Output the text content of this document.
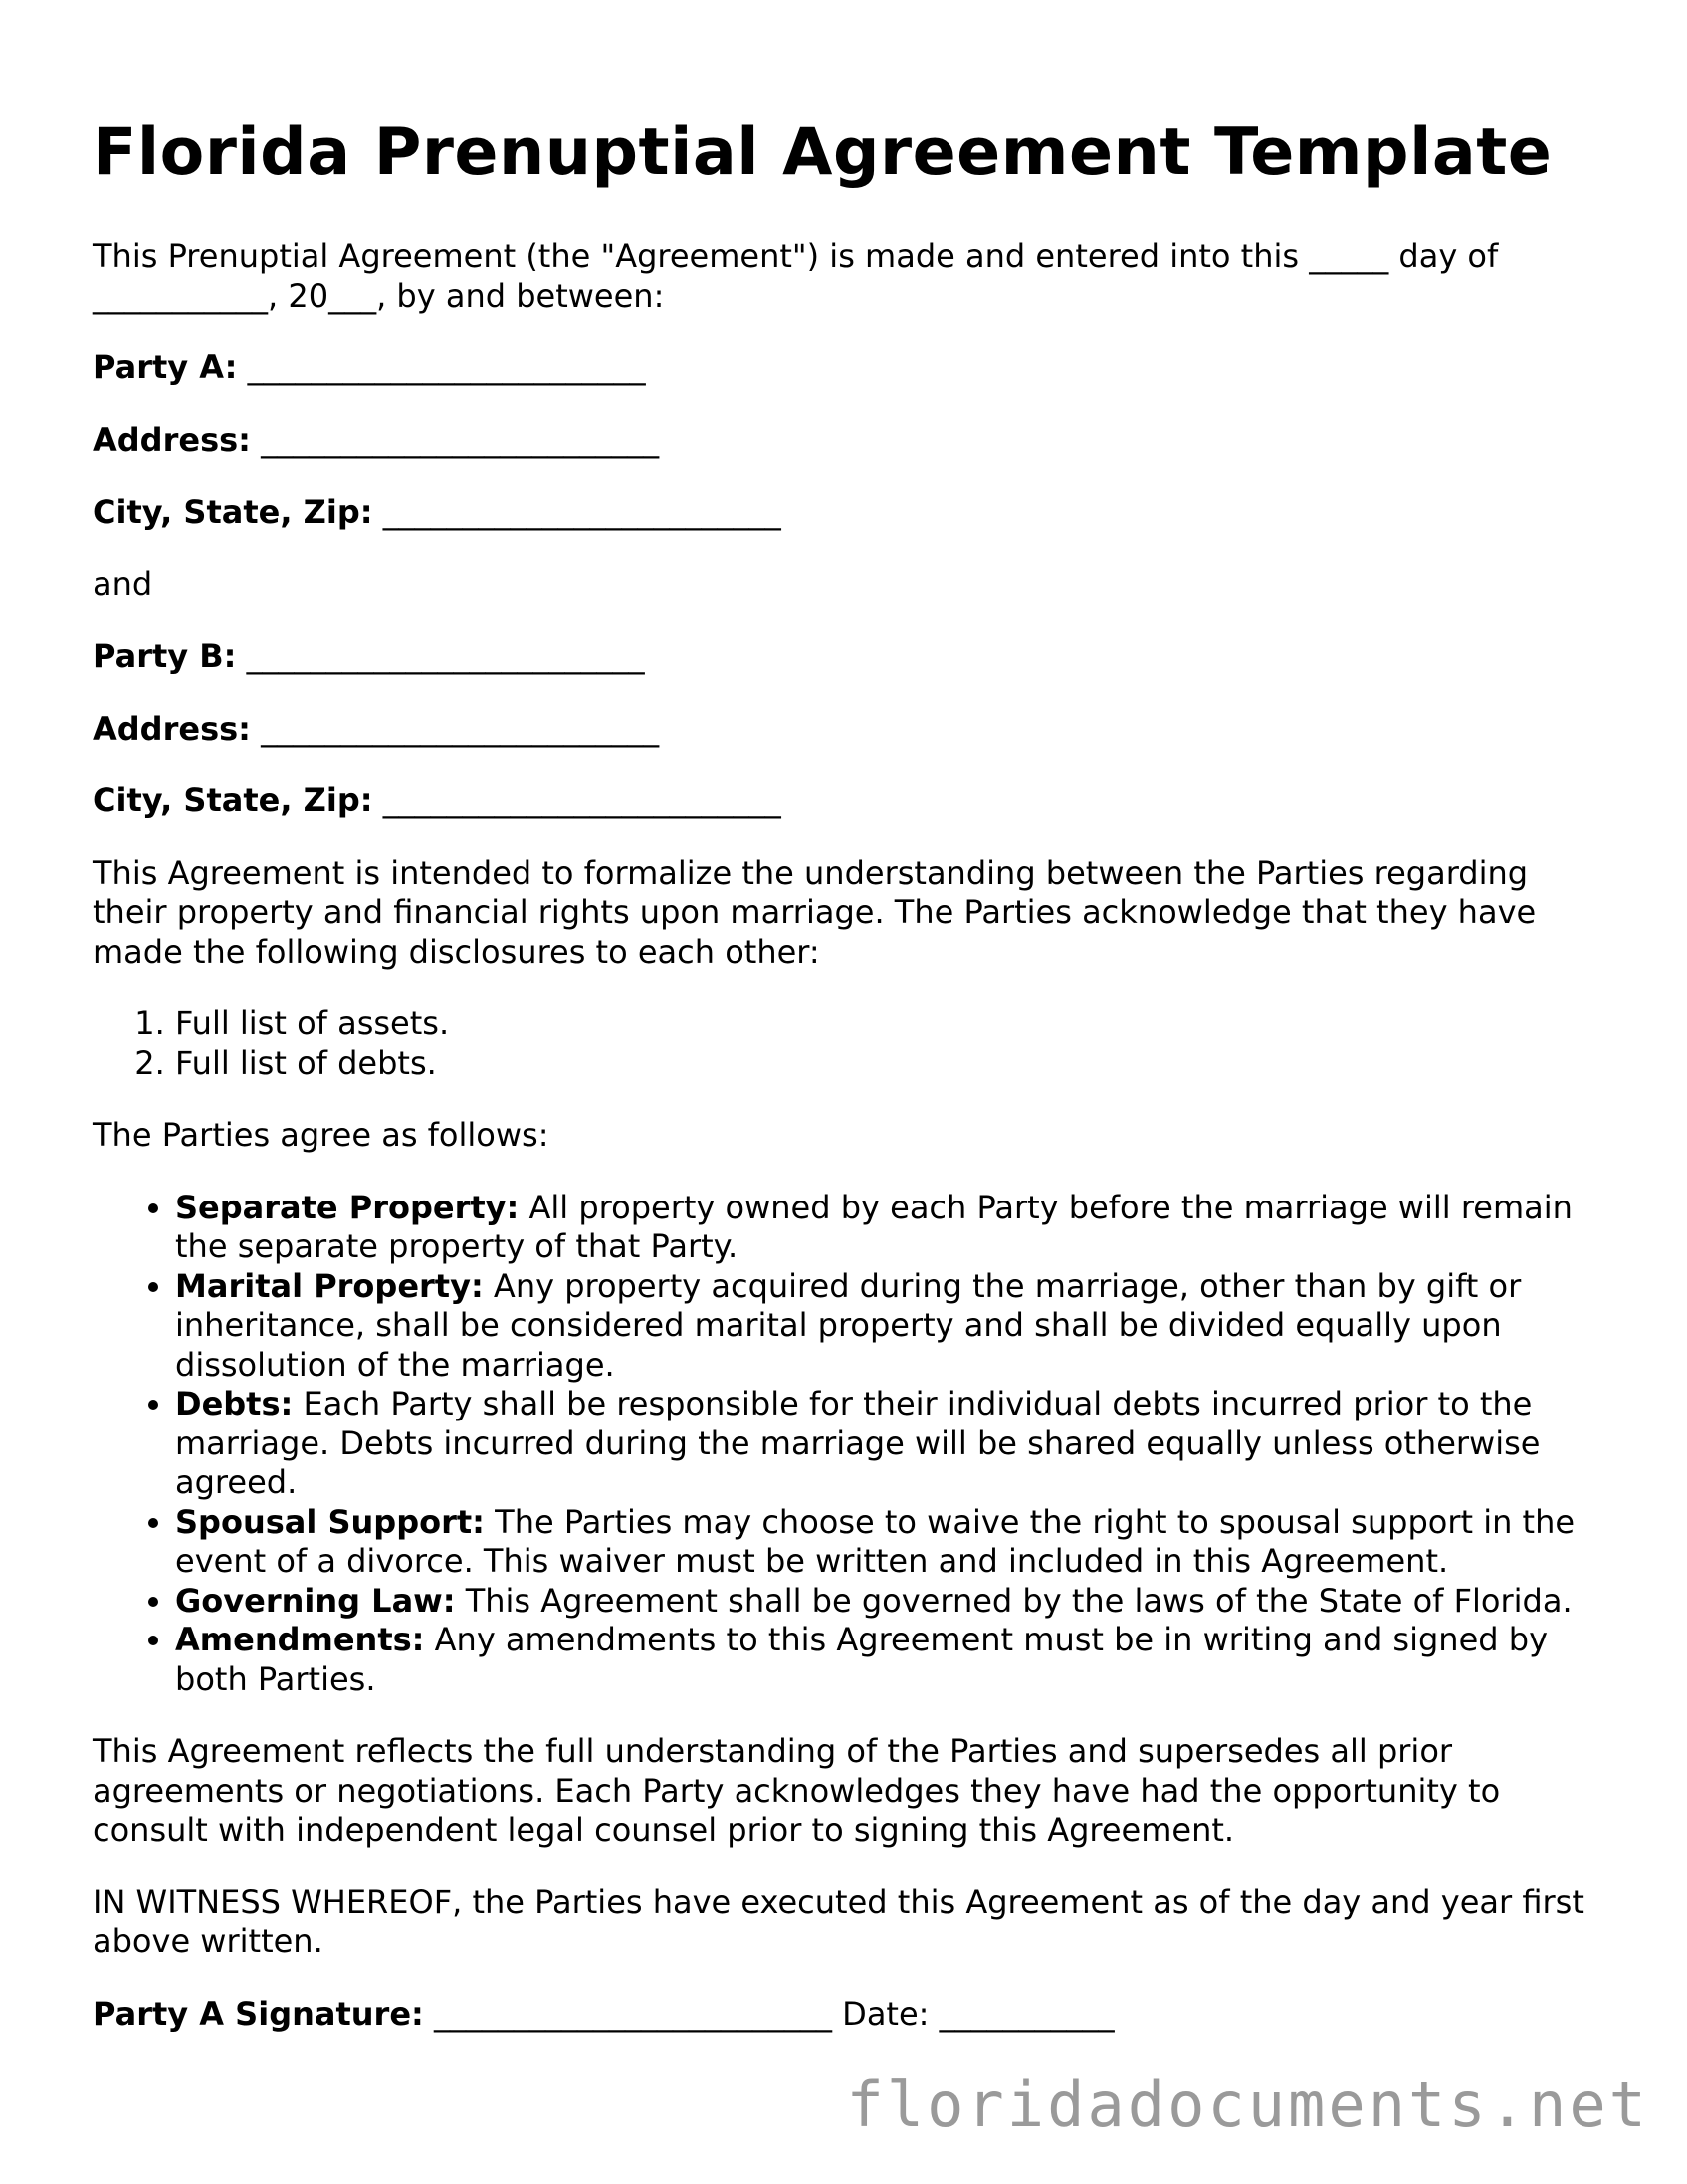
Florida Prenuptial Agreement Template

This Prenuptial Agreement (the "Agreement") is made and entered into this _____ day of ___________, 20___, by and between:

Party A: _________________________

Address: _________________________

City, State, Zip: _________________________

and

Party B: _________________________

Address: _________________________

City, State, Zip: _________________________

This Agreement is intended to formalize the understanding between the Parties regarding their property and financial rights upon marriage. The Parties acknowledge that they have made the following disclosures to each other:

1. Full list of assets.
2. Full list of debts.

The Parties agree as follows:

• Separate Property: All property owned by each Party before the marriage will remain the separate property of that Party.
• Marital Property: Any property acquired during the marriage, other than by gift or inheritance, shall be considered marital property and shall be divided equally upon dissolution of the marriage.
• Debts: Each Party shall be responsible for their individual debts incurred prior to the marriage. Debts incurred during the marriage will be shared equally unless otherwise agreed.
• Spousal Support: The Parties may choose to waive the right to spousal support in the event of a divorce. This waiver must be written and included in this Agreement.
• Governing Law: This Agreement shall be governed by the laws of the State of Florida.
• Amendments: Any amendments to this Agreement must be in writing and signed by both Parties.

This Agreement reflects the full understanding of the Parties and supersedes all prior agreements or negotiations. Each Party acknowledges they have had the opportunity to consult with independent legal counsel prior to signing this Agreement.

IN WITNESS WHEREOF, the Parties have executed this Agreement as of the day and year first above written.

Party A Signature: _________________________ Date: ___________

floridadocuments.net
